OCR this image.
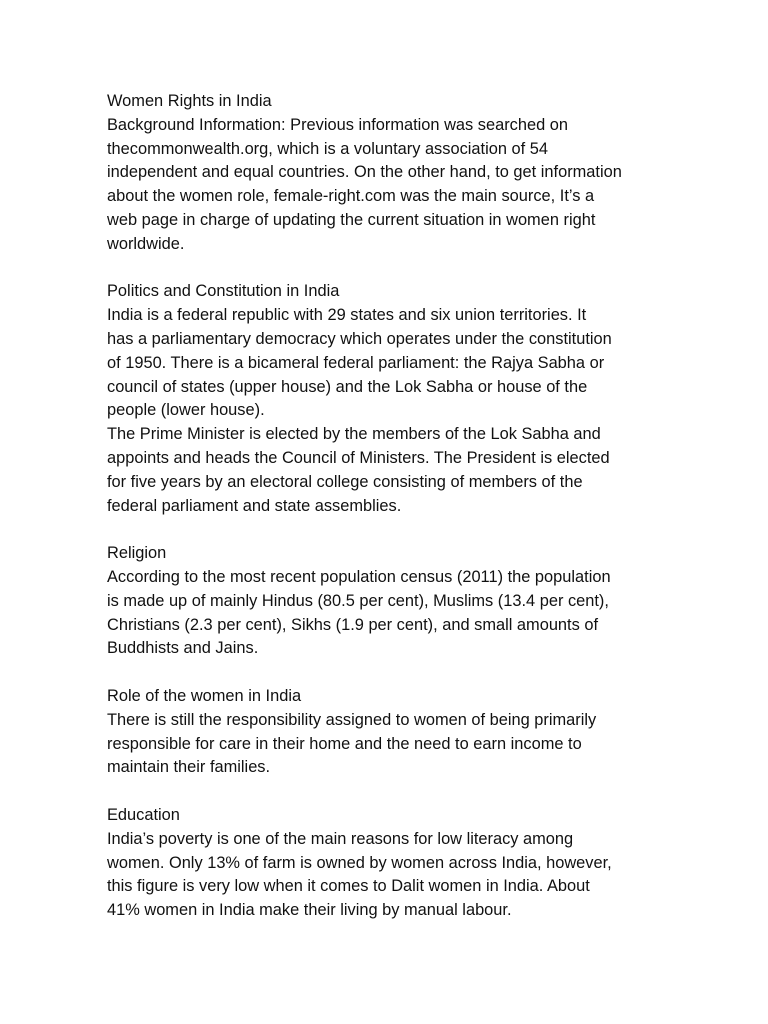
Women Rights in India
Background Information: Previous information was searched on
thecommonwealth.org, which is a voluntary association of 54
independent and equal countries. On the other hand, to get information
about the women role, female-right.com was the main source, It’s a
web page in charge of updating the current situation in women right
worldwide.
Politics and Constitution in India
India is a federal republic with 29 states and six union territories. It
has a parliamentary democracy which operates under the constitution
of 1950. There is a bicameral federal parliament: the Rajya Sabha or
council of states (upper house) and the Lok Sabha or house of the
people (lower house).
The Prime Minister is elected by the members of the Lok Sabha and
appoints and heads the Council of Ministers. The President is elected
for five years by an electoral college consisting of members of the
federal parliament and state assemblies.
Religion
According to the most recent population census (2011) the population
is made up of mainly Hindus (80.5 per cent), Muslims (13.4 per cent),
Christians (2.3 per cent), Sikhs (1.9 per cent), and small amounts of
Buddhists and Jains.
Role of the women in India
There is still the responsibility assigned to women of being primarily
responsible for care in their home and the need to earn income to
maintain their families.
Education
India’s poverty is one of the main reasons for low literacy among
women. Only 13% of farm is owned by women across India, however,
this figure is very low when it comes to Dalit women in India. About
41% women in India make their living by manual labour.
